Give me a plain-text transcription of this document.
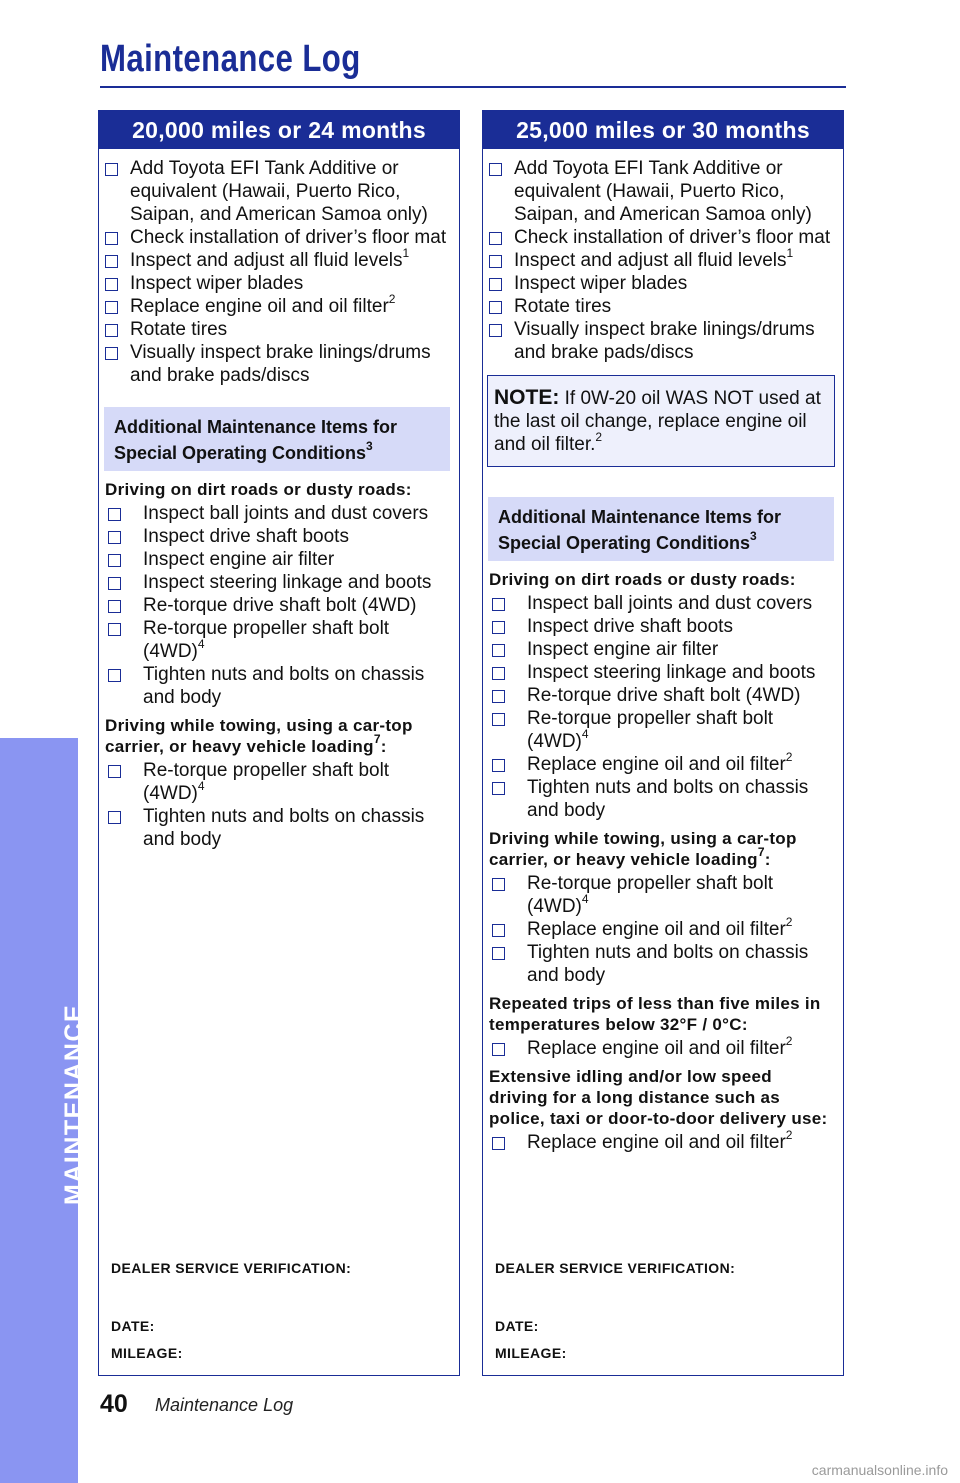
Maintenance Log
MAINTENANCE
20,000 miles or 24 months
Add Toyota EFI Tank Additive or equivalent (Hawaii, Puerto Rico, Saipan, and American Samoa only)
Check installation of driver’s floor mat
Inspect and adjust all fluid levels$^1$
Inspect wiper blades
Replace engine oil and oil filter$^2$
Rotate tires
Visually inspect brake linings/drums and brake pads/discs
Additional Maintenance Items for
Special Operating Conditions$^3$
Driving on dirt roads or dusty roads:
Inspect ball joints and dust covers
Inspect drive shaft boots
Inspect engine air filter
Inspect steering linkage and boots
Re-torque drive shaft bolt (4WD)
Re-torque propeller shaft bolt $(4WD)^4$
Tighten nuts and bolts on chassis and body
Driving while towing, using a car-top carrier, or heavy vehicle loading$^7$:
Re-torque propeller shaft bolt $(4WD)^4$
Tighten nuts and bolts on chassis and body
DEALER SERVICE VERIFICATION:
DATE:
MILEAGE:
25,000 miles or 30 months
Add Toyota EFI Tank Additive or equivalent (Hawaii, Puerto Rico, Saipan, and American Samoa only)
Check installation of driver’s floor mat
Inspect and adjust all fluid levels$^1$
Inspect wiper blades
Rotate tires
Visually inspect brake linings/drums and brake pads/discs
NOTE: If 0W-20 oil WAS NOT used at the last oil change, replace engine oil and oil filter.$^2$
Additional Maintenance Items for
Special Operating Conditions$^3$
Driving on dirt roads or dusty roads:
Inspect ball joints and dust covers
Inspect drive shaft boots
Inspect engine air filter
Inspect steering linkage and boots
Re-torque drive shaft bolt (4WD)
Re-torque propeller shaft bolt $(4WD)^4$
Replace engine oil and oil filter$^2$
Tighten nuts and bolts on chassis and body
Driving while towing, using a car-top carrier, or heavy vehicle loading$^7$:
Re-torque propeller shaft bolt $(4WD)^4$
Replace engine oil and oil filter$^2$
Tighten nuts and bolts on chassis and body
Repeated trips of less than five miles in temperatures below 32°F / 0°C:
Replace engine oil and oil filter$^2$
Extensive idling and/or low speed driving for a long distance such as police, taxi or door-to-door delivery use:
Replace engine oil and oil filter$^2$
DEALER SERVICE VERIFICATION:
DATE:
MILEAGE:
40 Maintenance Log
carmanualsonline.info
